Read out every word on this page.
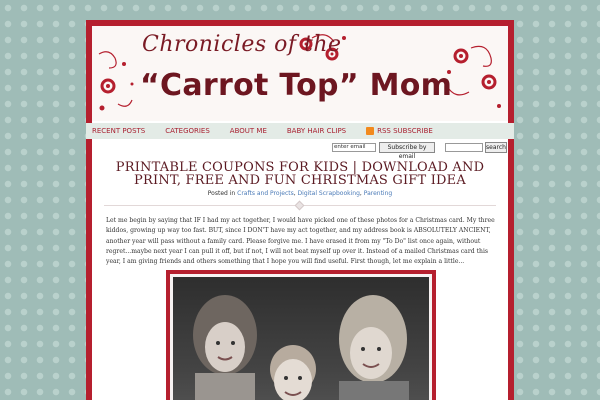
Chronicles of the
“Carrot Top” Mom
RECENT POSTS	CATEGORIES	ABOUT ME	BABY HAIR CLIPS	RSS SUBSCRIBE
enter email	Subscribe by email
search
PRINTABLE COUPONS FOR KIDS | DOWNLOAD AND PRINT, FREE AND FUN CHRISTMAS GIFT IDEA
Posted in Crafts and Projects, Digital Scrapbooking, Parenting

Let me begin by saying that IF I had my act together, I would have picked one of these photos for a Christmas card. My three kiddos, growing up way too fast. BUT, since I DON'T have my act together, and my address book is ABSOLUTELY ANCIENT, another year will pass without a family card. Please forgive me. I have erased it from my "To Do" list once again, without regret...maybe next year I can pull it off, but if not, I will not beat myself up over it. Instead of a mailed Christmas card this year, I am giving friends and others something that I hope you will find useful. First though, let me explain a little...
